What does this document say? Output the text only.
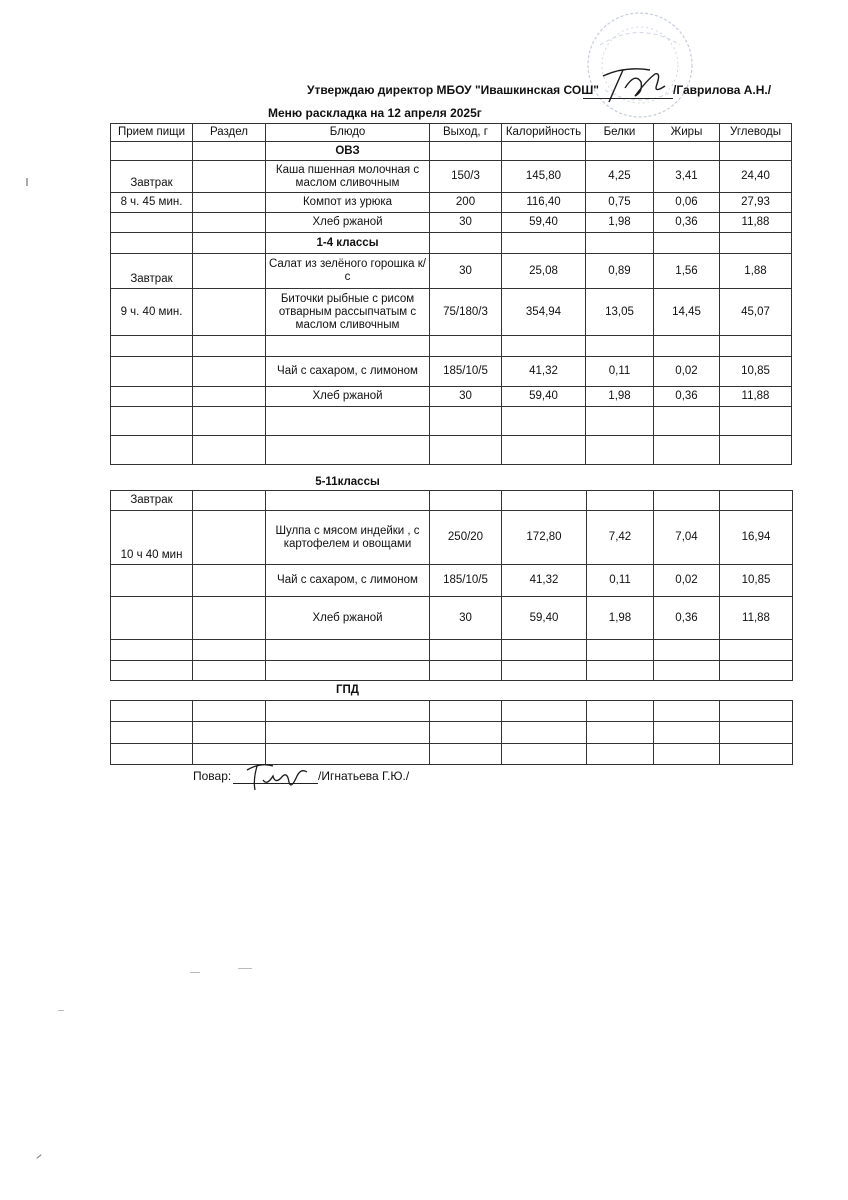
Утверждаю директор МБОУ "Ивашкинская СОШ"	/Гаврилова А.Н./
Меню раскладка на 12 апреля 2025г
Прием пищи	Раздел	Блюдо	Выход, г	Калорийность	Белки	Жиры	Углеводы
		ОВЗ					
Завтрак		Каша пшенная молочная с маслом сливочным	150/3	145,80	4,25	3,41	24,40
8 ч. 45 мин.		Компот из урюка	200	116,40	0,75	0,06	27,93
		Хлеб ржаной	30	59,40	1,98	0,36	11,88
		1-4 классы					
Завтрак		Салат из зелёного горошка к/с	30	25,08	0,89	1,56	1,88
9 ч. 40 мин.		Биточки рыбные с рисом отварным рассыпчатым с маслом сливочным	75/180/3	354,94	13,05	14,45	45,07

		Чай с сахаром, с лимоном	185/10/5	41,32	0,11	0,02	10,85
		Хлеб ржаной	30	59,40	1,98	0,36	11,88

5-11классы
Завтрак							
10 ч 40 мин		Шулпа с мясом индейки , с картофелем и овощами	250/20	172,80	7,42	7,04	16,94
		Чай с сахаром, с лимоном	185/10/5	41,32	0,11	0,02	10,85
		Хлеб ржаной	30	59,40	1,98	0,36	11,88

ГПД

Повар:	/Игнатьева Г.Ю./
